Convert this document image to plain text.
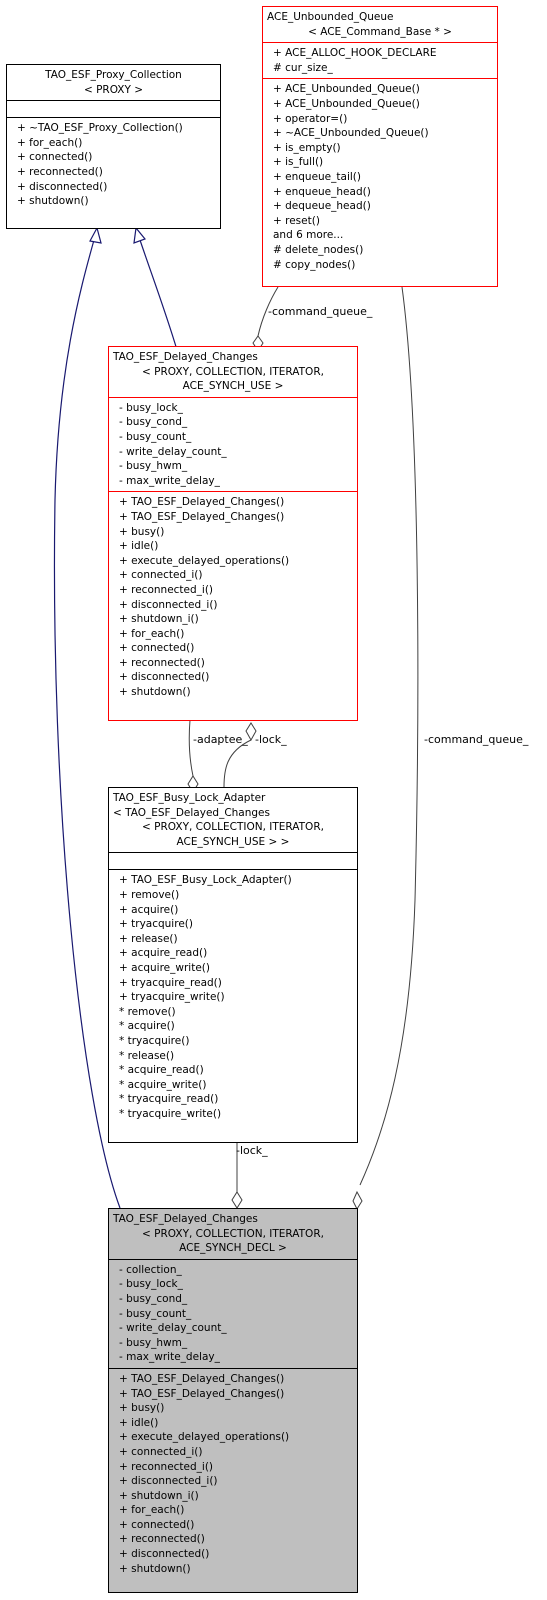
TAO_ESF_Proxy_Collection
< PROXY >
+ ~TAO_ESF_Proxy_Collection()
+ for_each()
+ connected()
+ reconnected()
+ disconnected()
+ shutdown()
ACE_Unbounded_Queue
< ACE_Command_Base * >
+ ACE_ALLOC_HOOK_DECLARE
# cur_size_
+ ACE_Unbounded_Queue()
+ ACE_Unbounded_Queue()
+ operator=()
+ ~ACE_Unbounded_Queue()
+ is_empty()
+ is_full()
+ enqueue_tail()
+ enqueue_head()
+ dequeue_head()
+ reset()
and 6 more...
# delete_nodes()
# copy_nodes()
TAO_ESF_Delayed_Changes
< PROXY, COLLECTION, ITERATOR,
ACE_SYNCH_USE >
- busy_lock_
- busy_cond_
- busy_count_
- write_delay_count_
- busy_hwm_
- max_write_delay_
+ TAO_ESF_Delayed_Changes()
+ TAO_ESF_Delayed_Changes()
+ busy()
+ idle()
+ execute_delayed_operations()
+ connected_i()
+ reconnected_i()
+ disconnected_i()
+ shutdown_i()
+ for_each()
+ connected()
+ reconnected()
+ disconnected()
+ shutdown()
TAO_ESF_Busy_Lock_Adapter
< TAO_ESF_Delayed_Changes
< PROXY, COLLECTION, ITERATOR,
ACE_SYNCH_USE > >
+ TAO_ESF_Busy_Lock_Adapter()
+ remove()
+ acquire()
+ tryacquire()
+ release()
+ acquire_read()
+ acquire_write()
+ tryacquire_read()
+ tryacquire_write()
* remove()
* acquire()
* tryacquire()
* release()
* acquire_read()
* acquire_write()
* tryacquire_read()
* tryacquire_write()
TAO_ESF_Delayed_Changes
< PROXY, COLLECTION, ITERATOR,
ACE_SYNCH_DECL >
- collection_
- busy_lock_
- busy_cond_
- busy_count_
- write_delay_count_
- busy_hwm_
- max_write_delay_
+ TAO_ESF_Delayed_Changes()
+ TAO_ESF_Delayed_Changes()
+ busy()
+ idle()
+ execute_delayed_operations()
+ connected_i()
+ reconnected_i()
+ disconnected_i()
+ shutdown_i()
+ for_each()
+ connected()
+ reconnected()
+ disconnected()
+ shutdown()
-command_queue_
-command_queue_
-adaptee_ -lock_
-lock_
